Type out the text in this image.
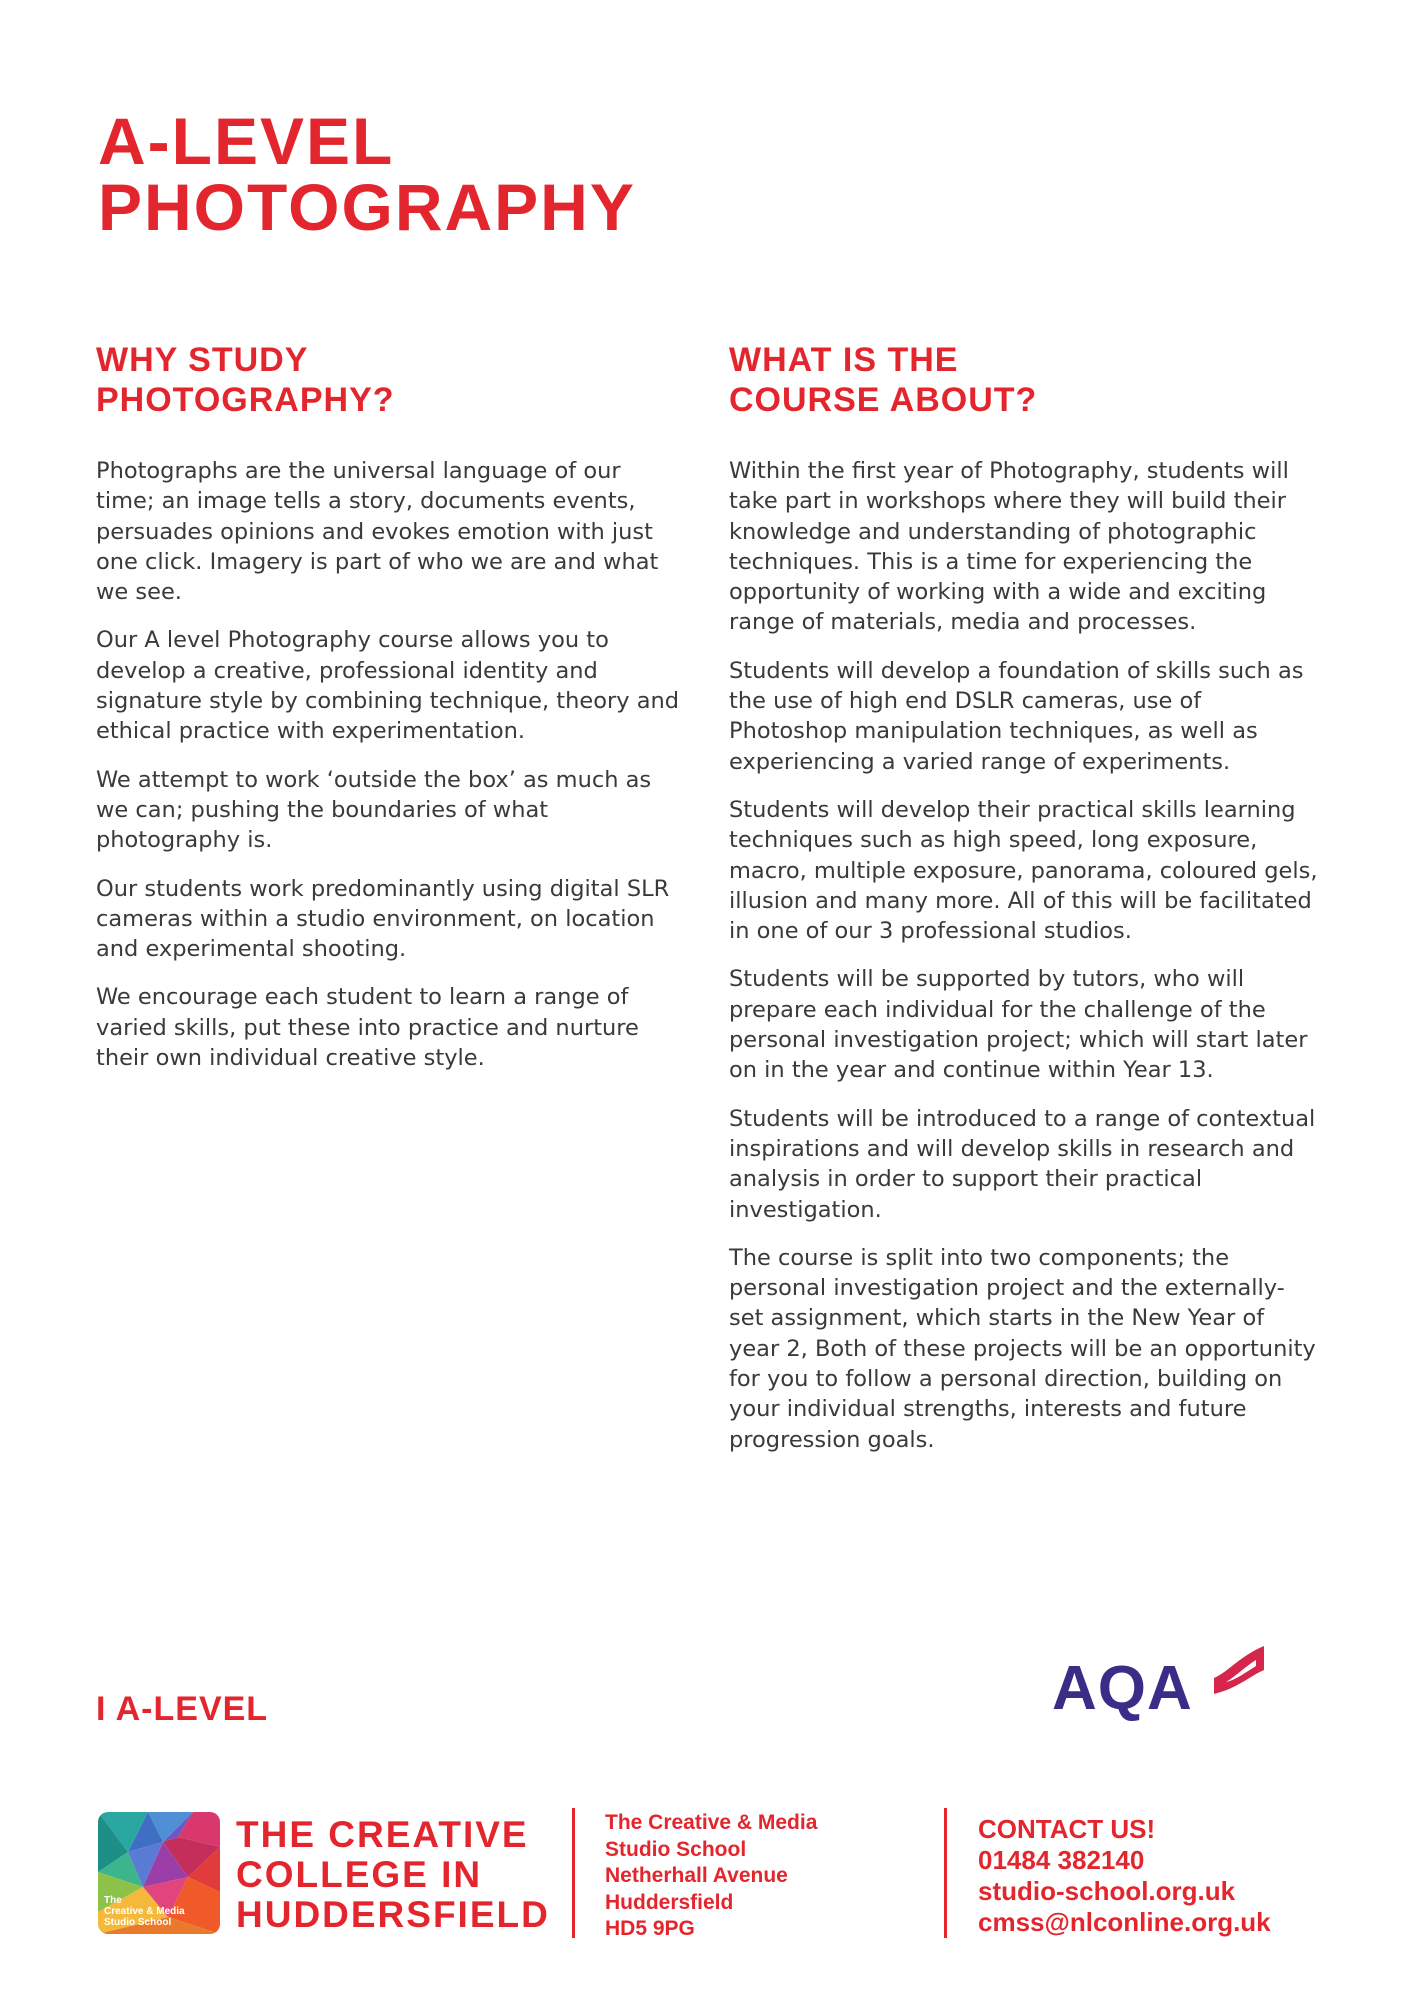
A-LEVEL
PHOTOGRAPHY
WHY STUDY
PHOTOGRAPHY?

Photographs are the universal language of our time; an image tells a story, documents events, persuades opinions and evokes emotion with just one click. Imagery is part of who we are and what we see.

Our A level Photography course allows you to develop a creative, professional identity and signature style by combining technique, theory and ethical practice with experimentation.

We attempt to work ‘outside the box’ as much as we can; pushing the boundaries of what photography is.

Our students work predominantly using digital SLR cameras within a studio environment, on location and experimental shooting.

We encourage each student to learn a range of varied skills, put these into practice and nurture their own individual creative style.

WHAT IS THE
COURSE ABOUT?

Within the first year of Photography, students will take part in workshops where they will build their knowledge and understanding of photographic techniques. This is a time for experiencing the opportunity of working with a wide and exciting range of materials, media and processes.

Students will develop a foundation of skills such as the use of high end DSLR cameras, use of Photoshop manipulation techniques, as well as experiencing a varied range of experiments.

Students will develop their practical skills learning techniques such as high speed, long exposure, macro, multiple exposure, panorama, coloured gels, illusion and many more. All of this will be facilitated in one of our 3 professional studios.

Students will be supported by tutors, who will prepare each individual for the challenge of the personal investigation project; which will start later on in the year and continue within Year 13.

Students will be introduced to a range of contextual inspirations and will develop skills in research and analysis in order to support their practical investigation.

The course is split into two components; the personal investigation project and the externally-set assignment, which starts in the New Year of year 2, Both of these projects will be an opportunity for you to follow a personal direction, building on your individual strengths, interests and future progression goals.

I A-LEVEL	AQA
The
Creative & Media
Studio School
THE CREATIVE
COLLEGE IN
HUDDERSFIELD
The Creative & Media
Studio School
Netherhall Avenue
Huddersfield
HD5 9PG
CONTACT US!
01484 382140
studio-school.org.uk
cmss@nlconline.org.uk
